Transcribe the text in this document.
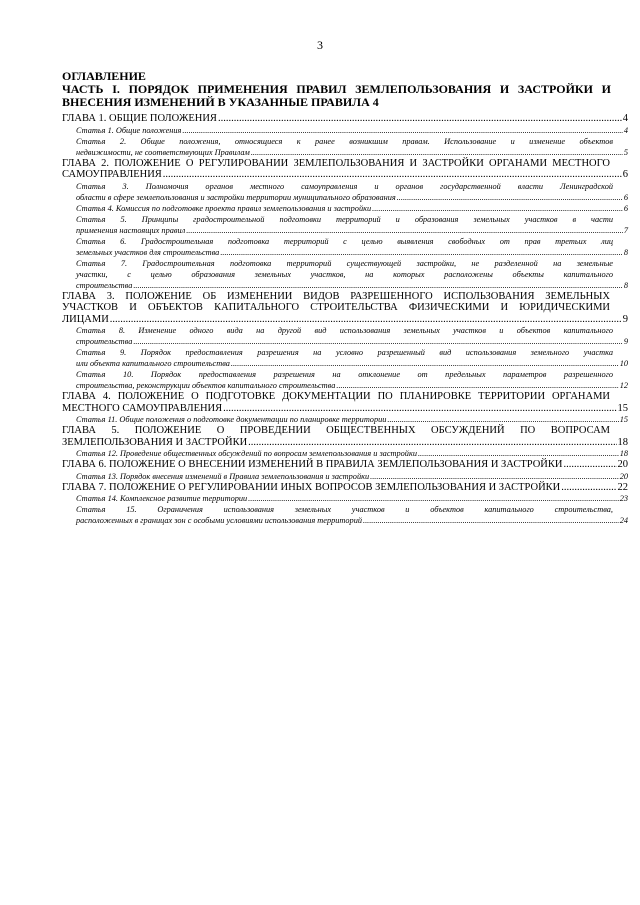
3
ОГЛАВЛЕНИЕ
ЧАСТЬ I. ПОРЯДОК ПРИМЕНЕНИЯ ПРАВИЛ ЗЕМЛЕПОЛЬЗОВАНИЯ И ЗАСТРОЙКИ И ВНЕСЕНИЯ ИЗМЕНЕНИЙ В УКАЗАННЫЕ ПРАВИЛА 4
ГЛАВА 1. ОБЩИЕ ПОЛОЖЕНИЯ .....	4
Статья 1. Общие положения .....	4
Статья 2. Общие положения, относящиеся к ранее возникшим правам. Использование и изменение объектов
недвижимости, не соответствующих Правилам .....	5
ГЛАВА 2. ПОЛОЖЕНИЕ О РЕГУЛИРОВАНИИ ЗЕМЛЕПОЛЬЗОВАНИЯ И ЗАСТРОЙКИ ОРГАНАМИ МЕСТНОГО
САМОУПРАВЛЕНИЯ .....	6
Статья 3. Полномочия органов местного самоуправления и органов государственной власти Ленинградской
области в сфере землепользования и застройки территории муниципального образования .....	6
Статья 4. Комиссия по подготовке проекта правил землепользования и застройки .....	6
Статья 5. Принципы градостроительной подготовки территорий и образования земельных участков в части
применения настоящих правил .....	7
Статья 6. Градостроительная подготовка территорий с целью выявления свободных от прав третьих лиц
земельных участков для строительства .....	8
Статья 7. Градостроительная подготовка территорий существующей застройки, не разделенной на земельные
участки, с целью образования земельных участков, на которых расположены объекты капитального
строительства .....	8
ГЛАВА 3. ПОЛОЖЕНИЕ ОБ ИЗМЕНЕНИИ ВИДОВ РАЗРЕШЕННОГО ИСПОЛЬЗОВАНИЯ ЗЕМЕЛЬНЫХ
УЧАСТКОВ И ОБЪЕКТОВ КАПИТАЛЬНОГО СТРОИТЕЛЬСТВА ФИЗИЧЕСКИМИ И ЮРИДИЧЕСКИМИ
ЛИЦАМИ .....	9
Статья 8. Изменение одного вида на другой вид использования земельных участков и объектов капитального
строительства .....	9
Статья 9. Порядок предоставления разрешения на условно разрешенный вид использования земельного участка
или объекта капитального строительства .....	10
Статья 10. Порядок предоставления разрешения на отклонение от предельных параметров разрешенного
строительства, реконструкции объектов капитального строительства .....	12
ГЛАВА 4. ПОЛОЖЕНИЕ О ПОДГОТОВКЕ ДОКУМЕНТАЦИИ ПО ПЛАНИРОВКЕ ТЕРРИТОРИИ ОРГАНАМИ
МЕСТНОГО САМОУПРАВЛЕНИЯ .....	15
Статья 11. Общие положения о подготовке документации по планировке территории .....	15
ГЛАВА 5. ПОЛОЖЕНИЕ О ПРОВЕДЕНИИ ОБЩЕСТВЕННЫХ ОБСУЖДЕНИЙ ПО ВОПРОСАМ
ЗЕМЛЕПОЛЬЗОВАНИЯ И ЗАСТРОЙКИ .....	18
Статья 12. Проведение общественных обсуждений по вопросам землепользования и застройки .....	18
ГЛАВА 6. ПОЛОЖЕНИЕ О ВНЕСЕНИИ ИЗМЕНЕНИЙ В ПРАВИЛА ЗЕМЛЕПОЛЬЗОВАНИЯ И ЗАСТРОЙКИ .....	20
Статья 13. Порядок внесения изменений в Правила землепользования и застройки .....	20
ГЛАВА 7. ПОЛОЖЕНИЕ О РЕГУЛИРОВАНИИ ИНЫХ ВОПРОСОВ ЗЕМЛЕПОЛЬЗОВАНИЯ И ЗАСТРОЙКИ .....	22
Статья 14. Комплексное развитие территории .....	23
Статья 15. Ограничения использования земельных участков и объектов капитального строительства,
расположенных в границах зон с особыми условиями использования территорий .....	24
